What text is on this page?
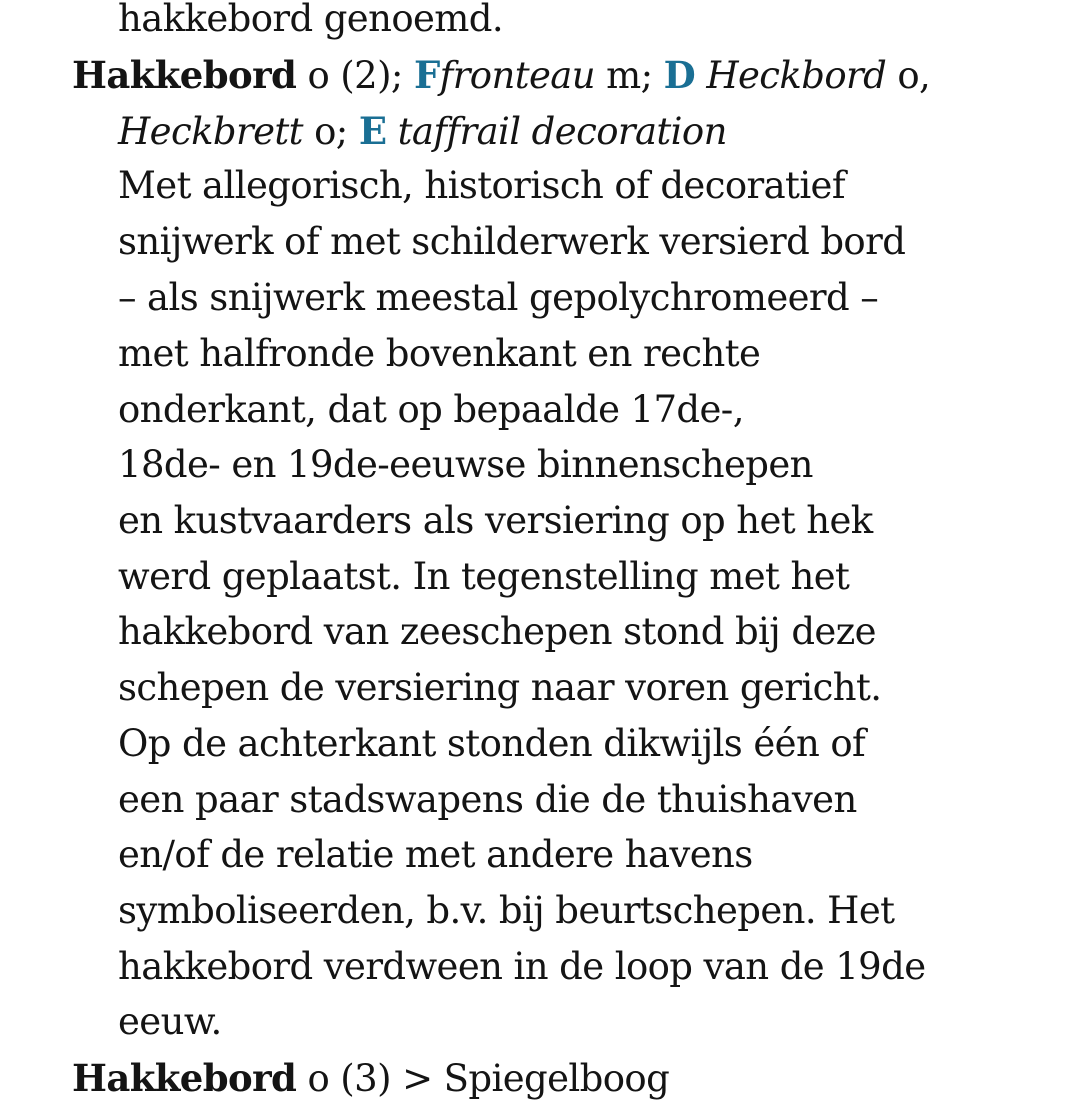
hakkebord genoemd.
Hakkebord o (2); Ffronteau m; D Heckbord o,
Heckbrett o; E taffrail decoration
Met allegorisch, historisch of decoratief
snijwerk of met schilderwerk versierd bord
– als snijwerk meestal gepolychromeerd –
met halfronde bovenkant en rechte
onderkant, dat op bepaalde 17de-,
18de- en 19de-eeuwse binnenschepen
en kustvaarders als versiering op het hek
werd geplaatst. In tegenstelling met het
hakkebord van zeeschepen stond bij deze
schepen de versiering naar voren gericht.
Op de achterkant stonden dikwijls één of
een paar stadswapens die de thuishaven
en/of de relatie met andere havens
symboliseerden, b.v. bij beurtschepen. Het
hakkebord verdween in de loop van de 19de
eeuw.
Hakkebord o (3) > Spiegelboog
